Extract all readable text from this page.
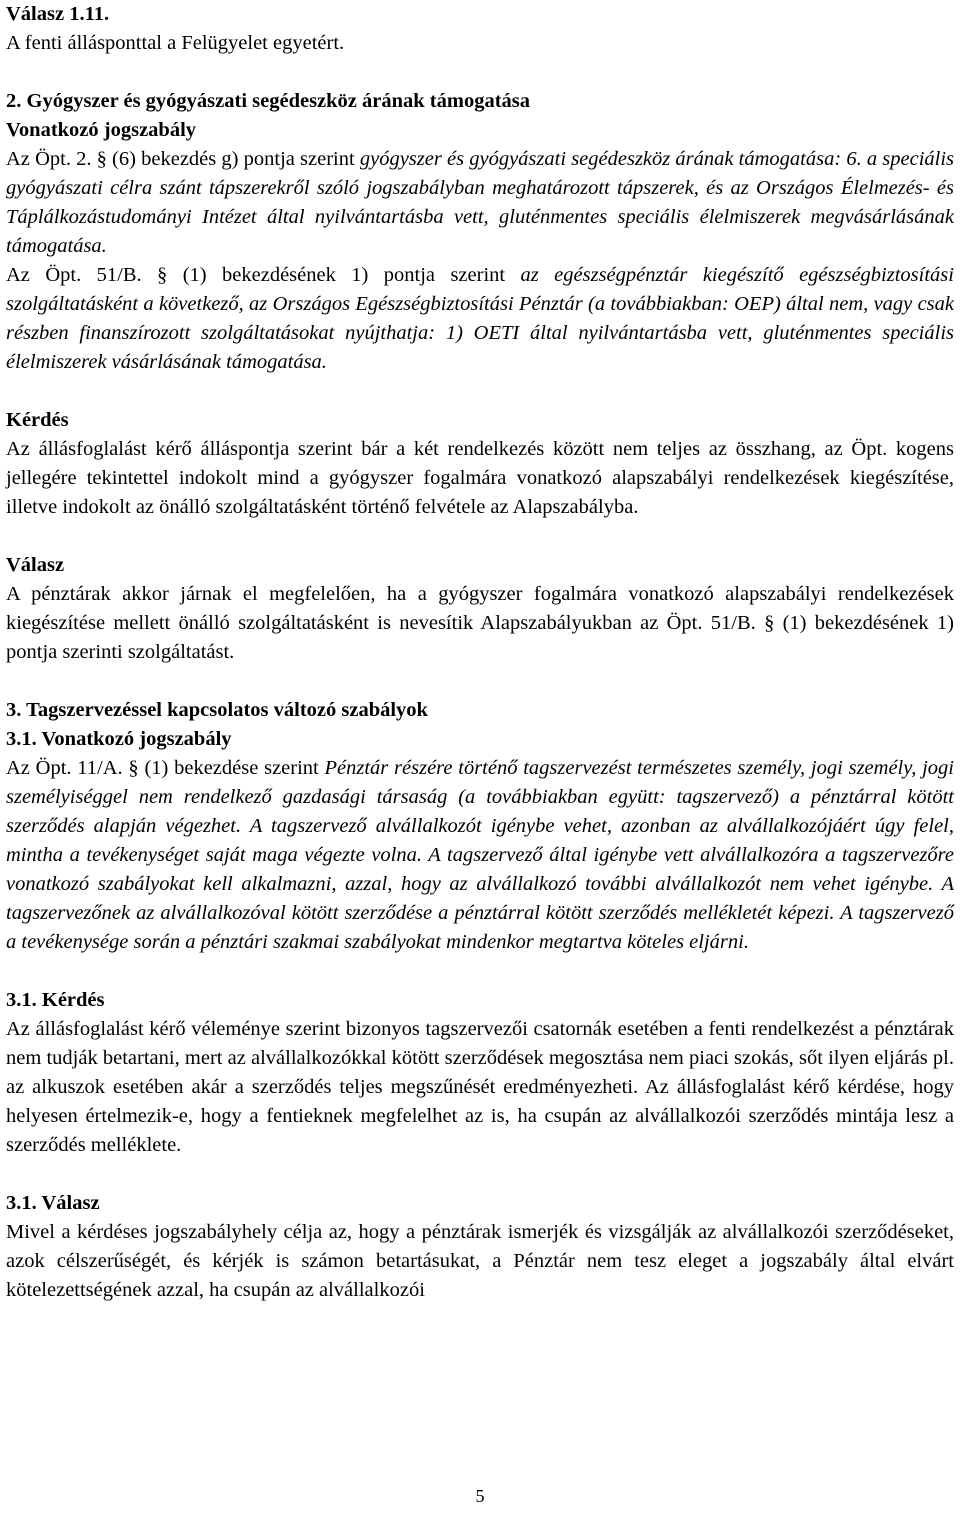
Válasz 1.11.

A fenti állásponttal a Felügyelet egyetért.

2. Gyógyszer és gyógyászati segédeszköz árának támogatása

Vonatkozó jogszabály

Az Öpt. 2. § (6) bekezdés g) pontja szerint gyógyszer és gyógyászati segédeszköz árának támogatása: 6. a speciális gyógyászati célra szánt tápszerekről szóló jogszabályban meghatározott tápszerek, és az Országos Élelmezés- és Táplálkozástudományi Intézet által nyilvántartásba vett, gluténmentes speciális élelmiszerek megvásárlásának támogatása.

Az Öpt. 51/B. § (1) bekezdésének 1) pontja szerint az egészségpénztár kiegészítő egészségbiztosítási szolgáltatásként a következő, az Országos Egészségbiztosítási Pénztár (a továbbiakban: OEP) által nem, vagy csak részben finanszírozott szolgáltatásokat nyújthatja: 1) OETI által nyilvántartásba vett, gluténmentes speciális élelmiszerek vásárlásának támogatása.

Kérdés

Az állásfoglalást kérő álláspontja szerint bár a két rendelkezés között nem teljes az összhang, az Öpt. kogens jellegére tekintettel indokolt mind a gyógyszer fogalmára vonatkozó alapszabályi rendelkezések kiegészítése, illetve indokolt az önálló szolgáltatásként történő felvétele az Alapszabályba.

Válasz

A pénztárak akkor járnak el megfelelően, ha a gyógyszer fogalmára vonatkozó alapszabályi rendelkezések kiegészítése mellett önálló szolgáltatásként is nevesítik Alapszabályukban az Öpt. 51/B. § (1) bekezdésének 1) pontja szerinti szolgáltatást.

3. Tagszervezéssel kapcsolatos változó szabályok

3.1. Vonatkozó jogszabály

Az Öpt. 11/A. § (1) bekezdése szerint Pénztár részére történő tagszervezést természetes személy, jogi személy, jogi személyiséggel nem rendelkező gazdasági társaság (a továbbiakban együtt: tagszervező) a pénztárral kötött szerződés alapján végezhet. A tagszervező alvállalkozót igénybe vehet, azonban az alvállalkozójáért úgy felel, mintha a tevékenységet saját maga végezte volna. A tagszervező által igénybe vett alvállalkozóra a tagszervezőre vonatkozó szabályokat kell alkalmazni, azzal, hogy az alvállalkozó további alvállalkozót nem vehet igénybe. A tagszervezőnek az alvállalkozóval kötött szerződése a pénztárral kötött szerződés mellékletét képezi. A tagszervező a tevékenysége során a pénztári szakmai szabályokat mindenkor megtartva köteles eljárni.

3.1. Kérdés

Az állásfoglalást kérő véleménye szerint bizonyos tagszervezői csatornák esetében a fenti rendelkezést a pénztárak nem tudják betartani, mert az alvállalkozókkal kötött szerződések megosztása nem piaci szokás, sőt ilyen eljárás pl. az alkuszok esetében akár a szerződés teljes megszűnését eredményezheti. Az állásfoglalást kérő kérdése, hogy helyesen értelmezik-e, hogy a fentieknek megfelelhet az is, ha csupán az alvállalkozói szerződés mintája lesz a szerződés melléklete.

3.1. Válasz

Mivel a kérdéses jogszabályhely célja az, hogy a pénztárak ismerjék és vizsgálják az alvállalkozói szerződéseket, azok célszerűségét, és kérjék is számon betartásukat, a Pénztár nem tesz eleget a jogszabály által elvárt kötelezettségének azzal, ha csupán az alvállalkozói

5
